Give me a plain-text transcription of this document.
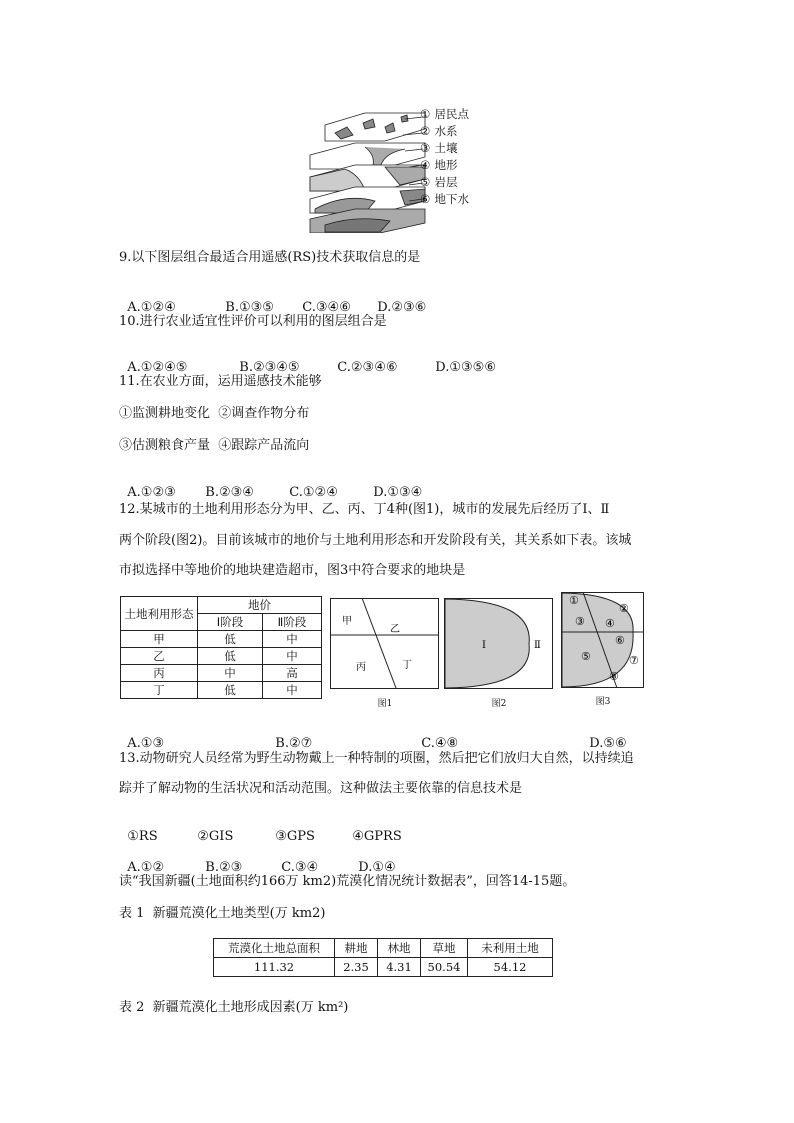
① 居民点
② 水系
③ 土壤
④ 地形
⑤ 岩层
⑥ 地下水
9.以下图层组合最适合用遥感(RS)技术获取信息的是

A.①②④	B.①③⑤ C.③④⑥ D.②③⑥

10.进行农业适宜性评价可以利用的图层组合是

A.①②④⑤	B.②③④⑤	C.②③④⑥	D.①③⑤⑥

11.在农业方面，运用遥感技术能够
①监测耕地变化  ②调查作物分布
③估测粮食产量  ④跟踪产品流向

A.①②③ B.②③④	C.①②④	D.①③④

12.某城市的土地利用形态分为甲、乙、丙、丁4种(图1)，城市的发展先后经历了Ⅰ、Ⅱ
两个阶段(图2)。目前该城市的地价与土地利用形态和开发阶段有关，其关系如下表。该城
市拟选择中等地价的地块建造超市，图3中符合要求的地块是
土地利用形态	地价	
	Ⅰ阶段	Ⅱ阶段
甲	低	中
乙	低	中
丙	中	高
丁	低	中
甲
乙
丙	丁
图1
Ⅰ	Ⅱ
图2
①
②
③ ④
⑤
⑥
⑦
⑧
图3

A.①③	B.②⑦	C.④⑧	D.⑤⑥

13.动物研究人员经常为野生动物戴上一种特制的项圈，然后把它们放归大自然，以持续追
踪并了解动物的生活状况和活动范围。这种做法主要依靠的信息技术是

①RS	②GIS	③GPS	④GPRS

A.①②	B.②③	C.③④	D.①④

读“我国新疆(土地面积约166万 km2)荒漠化情况统计数据表”，回答14-15题。
表 1  新疆荒漠化土地类型(万 km2)
荒漠化土地总面积	耕地	林地	草地	未利用土地
111.32	2.35	4.31	50.54	54.12
表 2  新疆荒漠化土地形成因素(万 km²)
